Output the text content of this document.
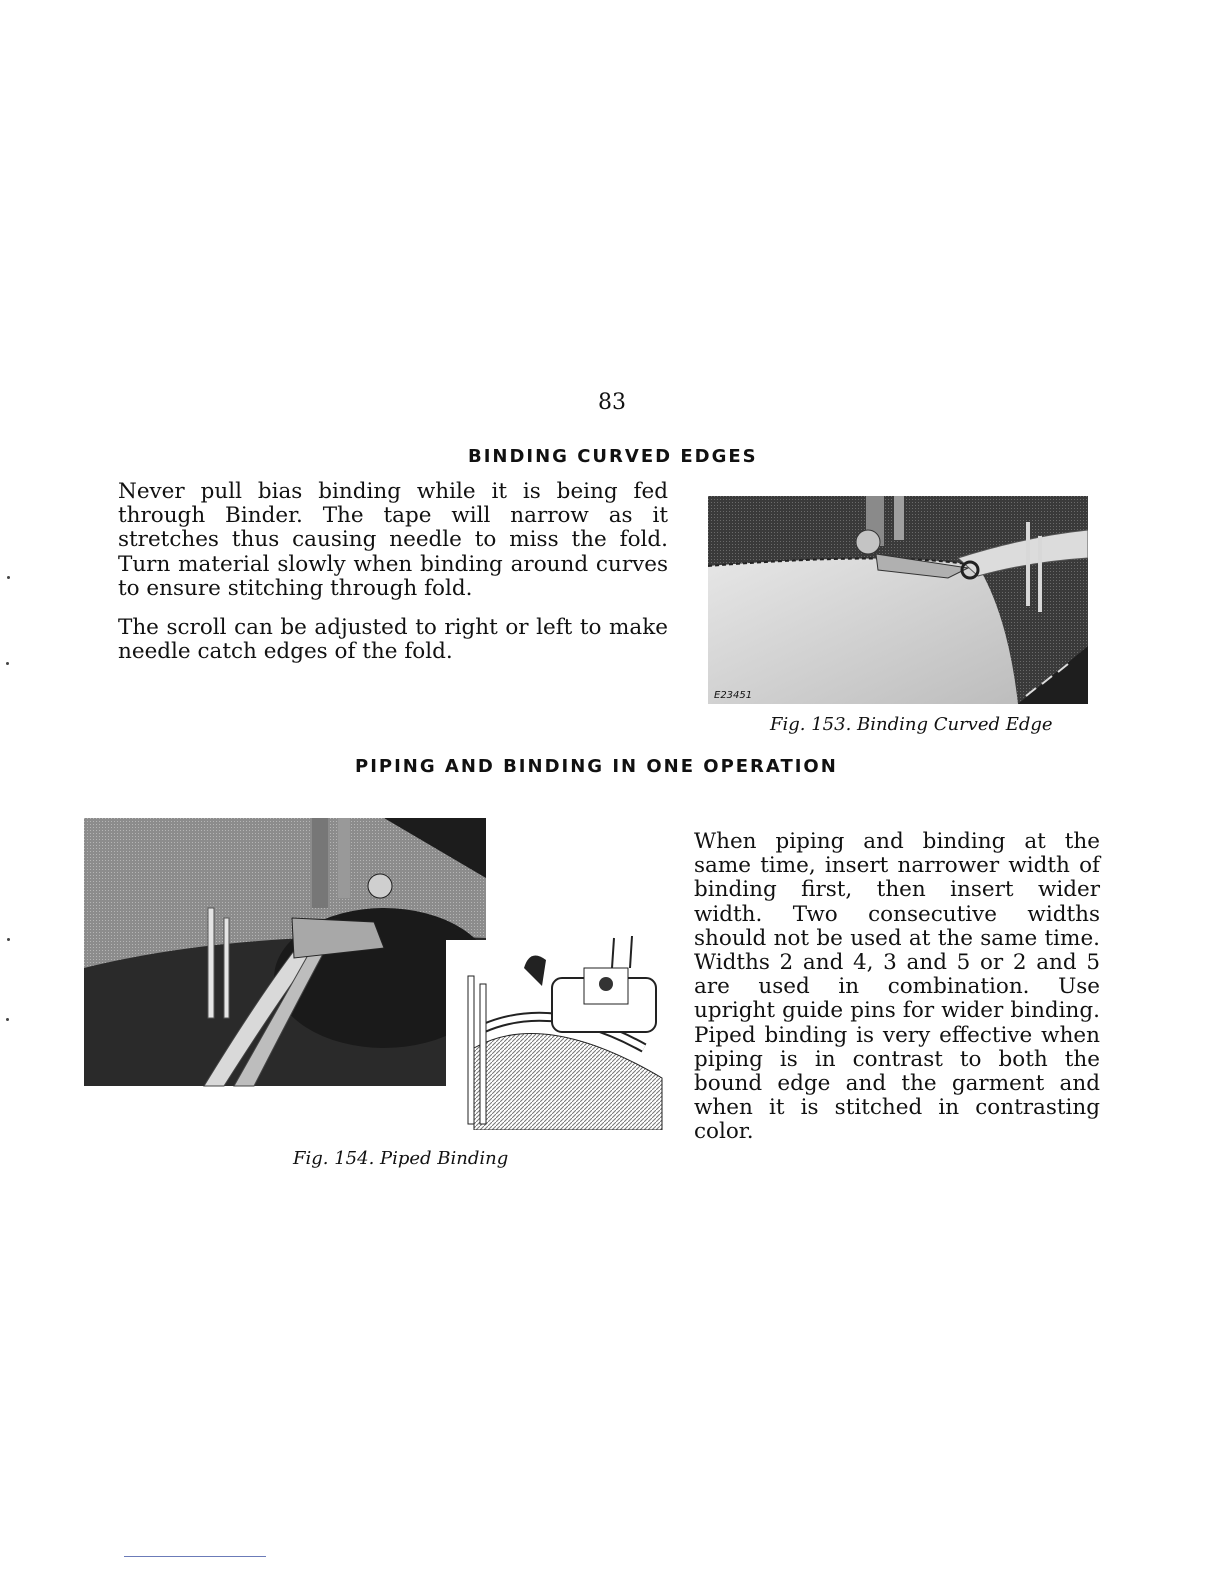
83
BINDING CURVED EDGES

Never pull bias binding while it is being fed through Binder. The tape will narrow as it stretches thus causing needle to miss the fold. Turn material slowly when binding around curves to ensure stitching through fold.

The scroll can be adjusted to right or left to make needle catch edges of the fold.

E23451
Fig. 153. Binding Curved Edge
PIPING AND BINDING IN ONE OPERATION

When piping and binding at the same time, insert narrower width of binding first, then insert wider width. Two consecutive widths should not be used at the same time. Widths 2 and 4, 3 and 5 or 2 and 5 are used in combination. Use upright guide pins for wider binding. Piped binding is very effective when piping is in contrast to both the bound edge and the garment and when it is stitched in contrasting color.

Fig. 154. Piped Binding
